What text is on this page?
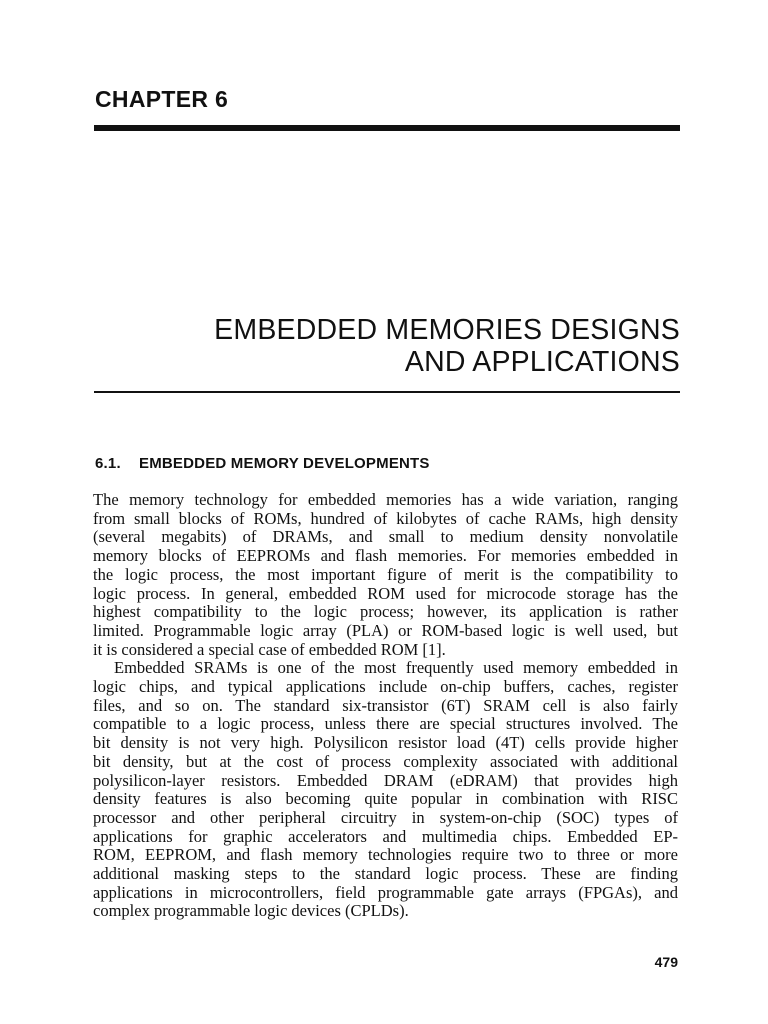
CHAPTER 6
EMBEDDED MEMORIES DESIGNS
AND APPLICATIONS
6.1. EMBEDDED MEMORY DEVELOPMENTS
The memory technology for embedded memories has a wide variation, ranging
from small blocks of ROMs, hundred of kilobytes of cache RAMs, high density
(several megabits) of DRAMs, and small to medium density nonvolatile
memory blocks of EEPROMs and flash memories. For memories embedded in
the logic process, the most important figure of merit is the compatibility to
logic process. In general, embedded ROM used for microcode storage has the
highest compatibility to the logic process; however, its application is rather
limited. Programmable logic array (PLA) or ROM-based logic is well used, but
it is considered a special case of embedded ROM [1].
Embedded SRAMs is one of the most frequently used memory embedded in
logic chips, and typical applications include on-chip buffers, caches, register
files, and so on. The standard six-transistor (6T) SRAM cell is also fairly
compatible to a logic process, unless there are special structures involved. The
bit density is not very high. Polysilicon resistor load (4T) cells provide higher
bit density, but at the cost of process complexity associated with additional
polysilicon-layer resistors. Embedded DRAM (eDRAM) that provides high
density features is also becoming quite popular in combination with RISC
processor and other peripheral circuitry in system-on-chip (SOC) types of
applications for graphic accelerators and multimedia chips. Embedded EP-
ROM, EEPROM, and flash memory technologies require two to three or more
additional masking steps to the standard logic process. These are finding
applications in microcontrollers, field programmable gate arrays (FPGAs), and
complex programmable logic devices (CPLDs).
479
